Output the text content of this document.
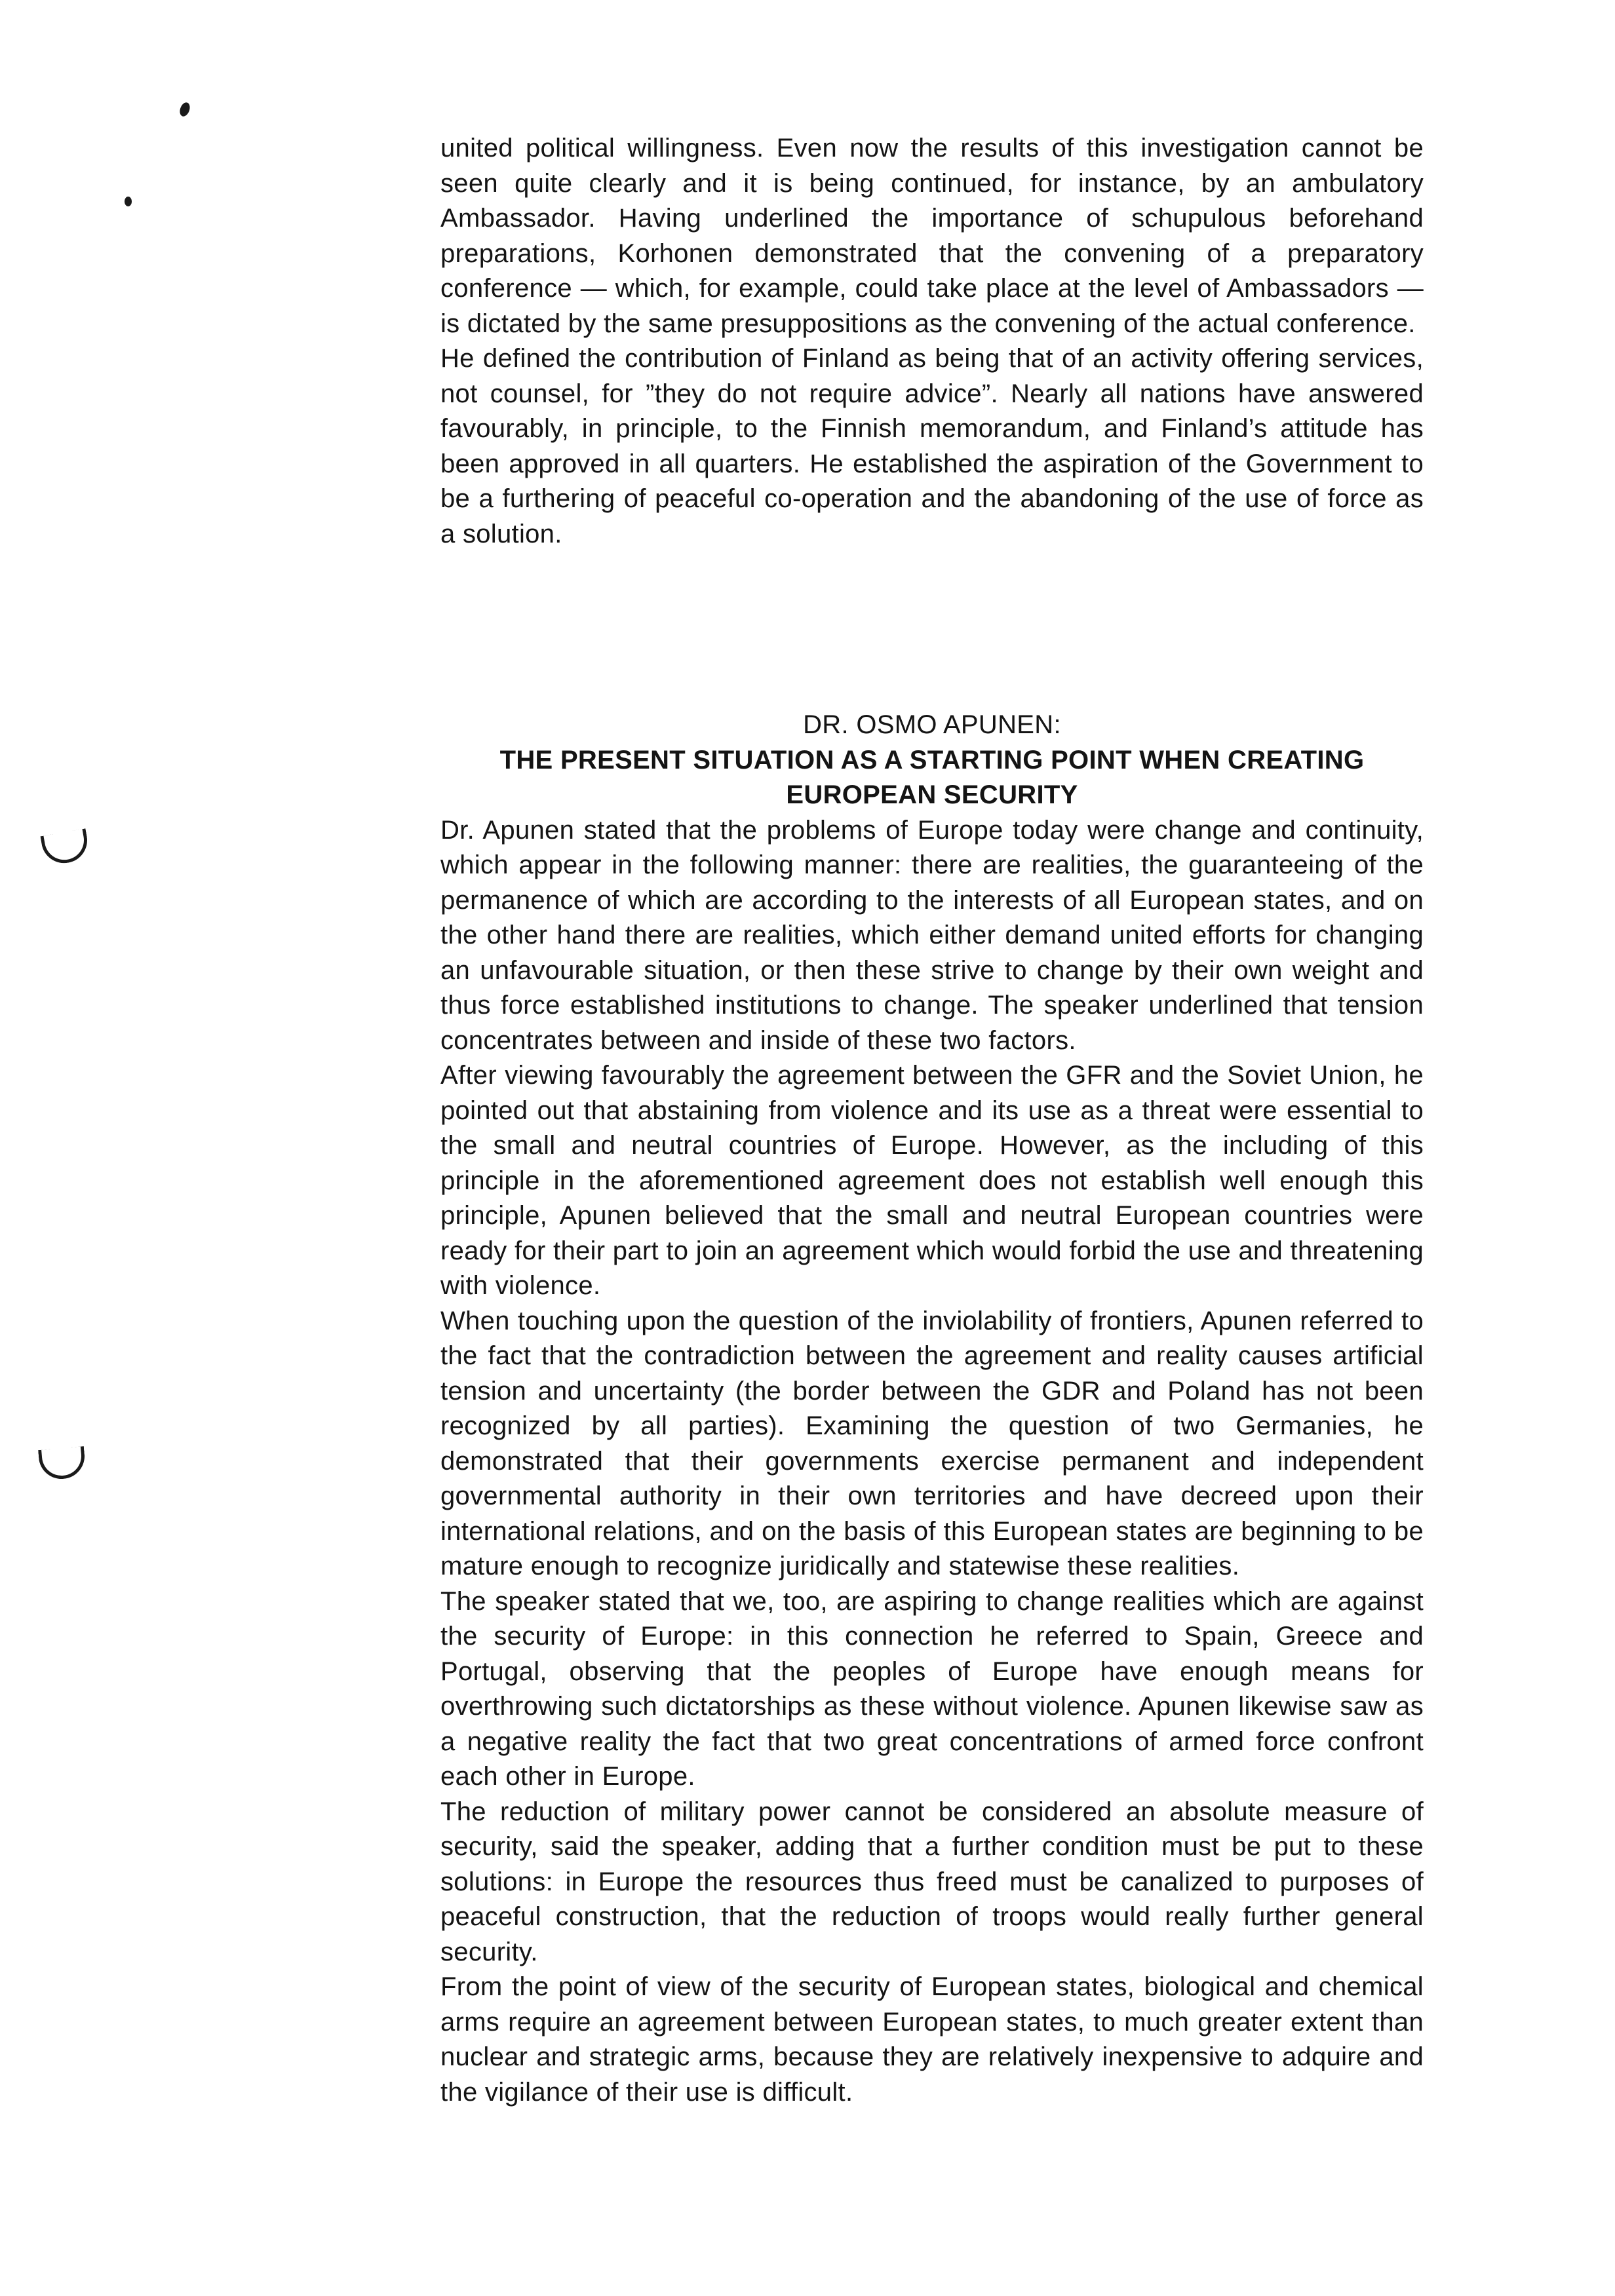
united political willingness. Even now the results of this investigation cannot be seen quite clearly and it is being continued, for instance, by an ambulatory Ambassador. Having underlined the importance of schupulous beforehand preparations, Korhonen demonstrated that the convening of a preparatory conference — which, for example, could take place at the level of Ambassadors — is dictated by the same presuppositions as the convening of the actual conference.

He defined the contribution of Finland as being that of an activity offering services, not counsel, for ”they do not require advice”. Nearly all nations have answered favourably, in principle, to the Finnish memorandum, and Finland’s attitude has been approved in all quarters. He established the aspiration of the Government to be a furthering of peaceful co-operation and the abandoning of the use of force as a solution.

DR. OSMO APUNEN:

THE PRESENT SITUATION AS A STARTING POINT WHEN CREATING EUROPEAN SECURITY

Dr. Apunen stated that the problems of Europe today were change and continuity, which appear in the following manner: there are realities, the guaranteeing of the permanence of which are according to the interests of all European states, and on the other hand there are realities, which either demand united efforts for changing an unfavourable situation, or then these strive to change by their own weight and thus force established institutions to change. The speaker underlined that tension concentrates between and inside of these two factors.

After viewing favourably the agreement between the GFR and the Soviet Union, he pointed out that abstaining from violence and its use as a threat were essential to the small and neutral countries of Europe. However, as the including of this principle in the aforementioned agreement does not establish well enough this principle, Apunen believed that the small and neutral European countries were ready for their part to join an agreement which would forbid the use and threatening with violence.

When touching upon the question of the inviolability of frontiers, Apunen referred to the fact that the contradiction between the agreement and reality causes artificial tension and uncertainty (the border between the GDR and Poland has not been recognized by all parties). Examining the question of two Germanies, he demonstrated that their governments exercise permanent and independent governmental authority in their own territories and have decreed upon their international relations, and on the basis of this European states are beginning to be mature enough to recognize juridically and statewise these realities.

The speaker stated that we, too, are aspiring to change realities which are against the security of Europe: in this connection he referred to Spain, Greece and Portugal, observing that the peoples of Europe have enough means for overthrowing such dictatorships as these without violence. Apunen likewise saw as a negative reality the fact that two great concentrations of armed force confront each other in Europe.

The reduction of military power cannot be considered an absolute measure of security, said the speaker, adding that a further condition must be put to these solutions: in Europe the resources thus freed must be canalized to purposes of peaceful construction, that the reduction of troops would really further general security.

From the point of view of the security of European states, biological and chemical arms require an agreement between European states, to much greater extent than nuclear and strategic arms, because they are relatively inexpensive to adquire and the vigilance of their use is difficult.
